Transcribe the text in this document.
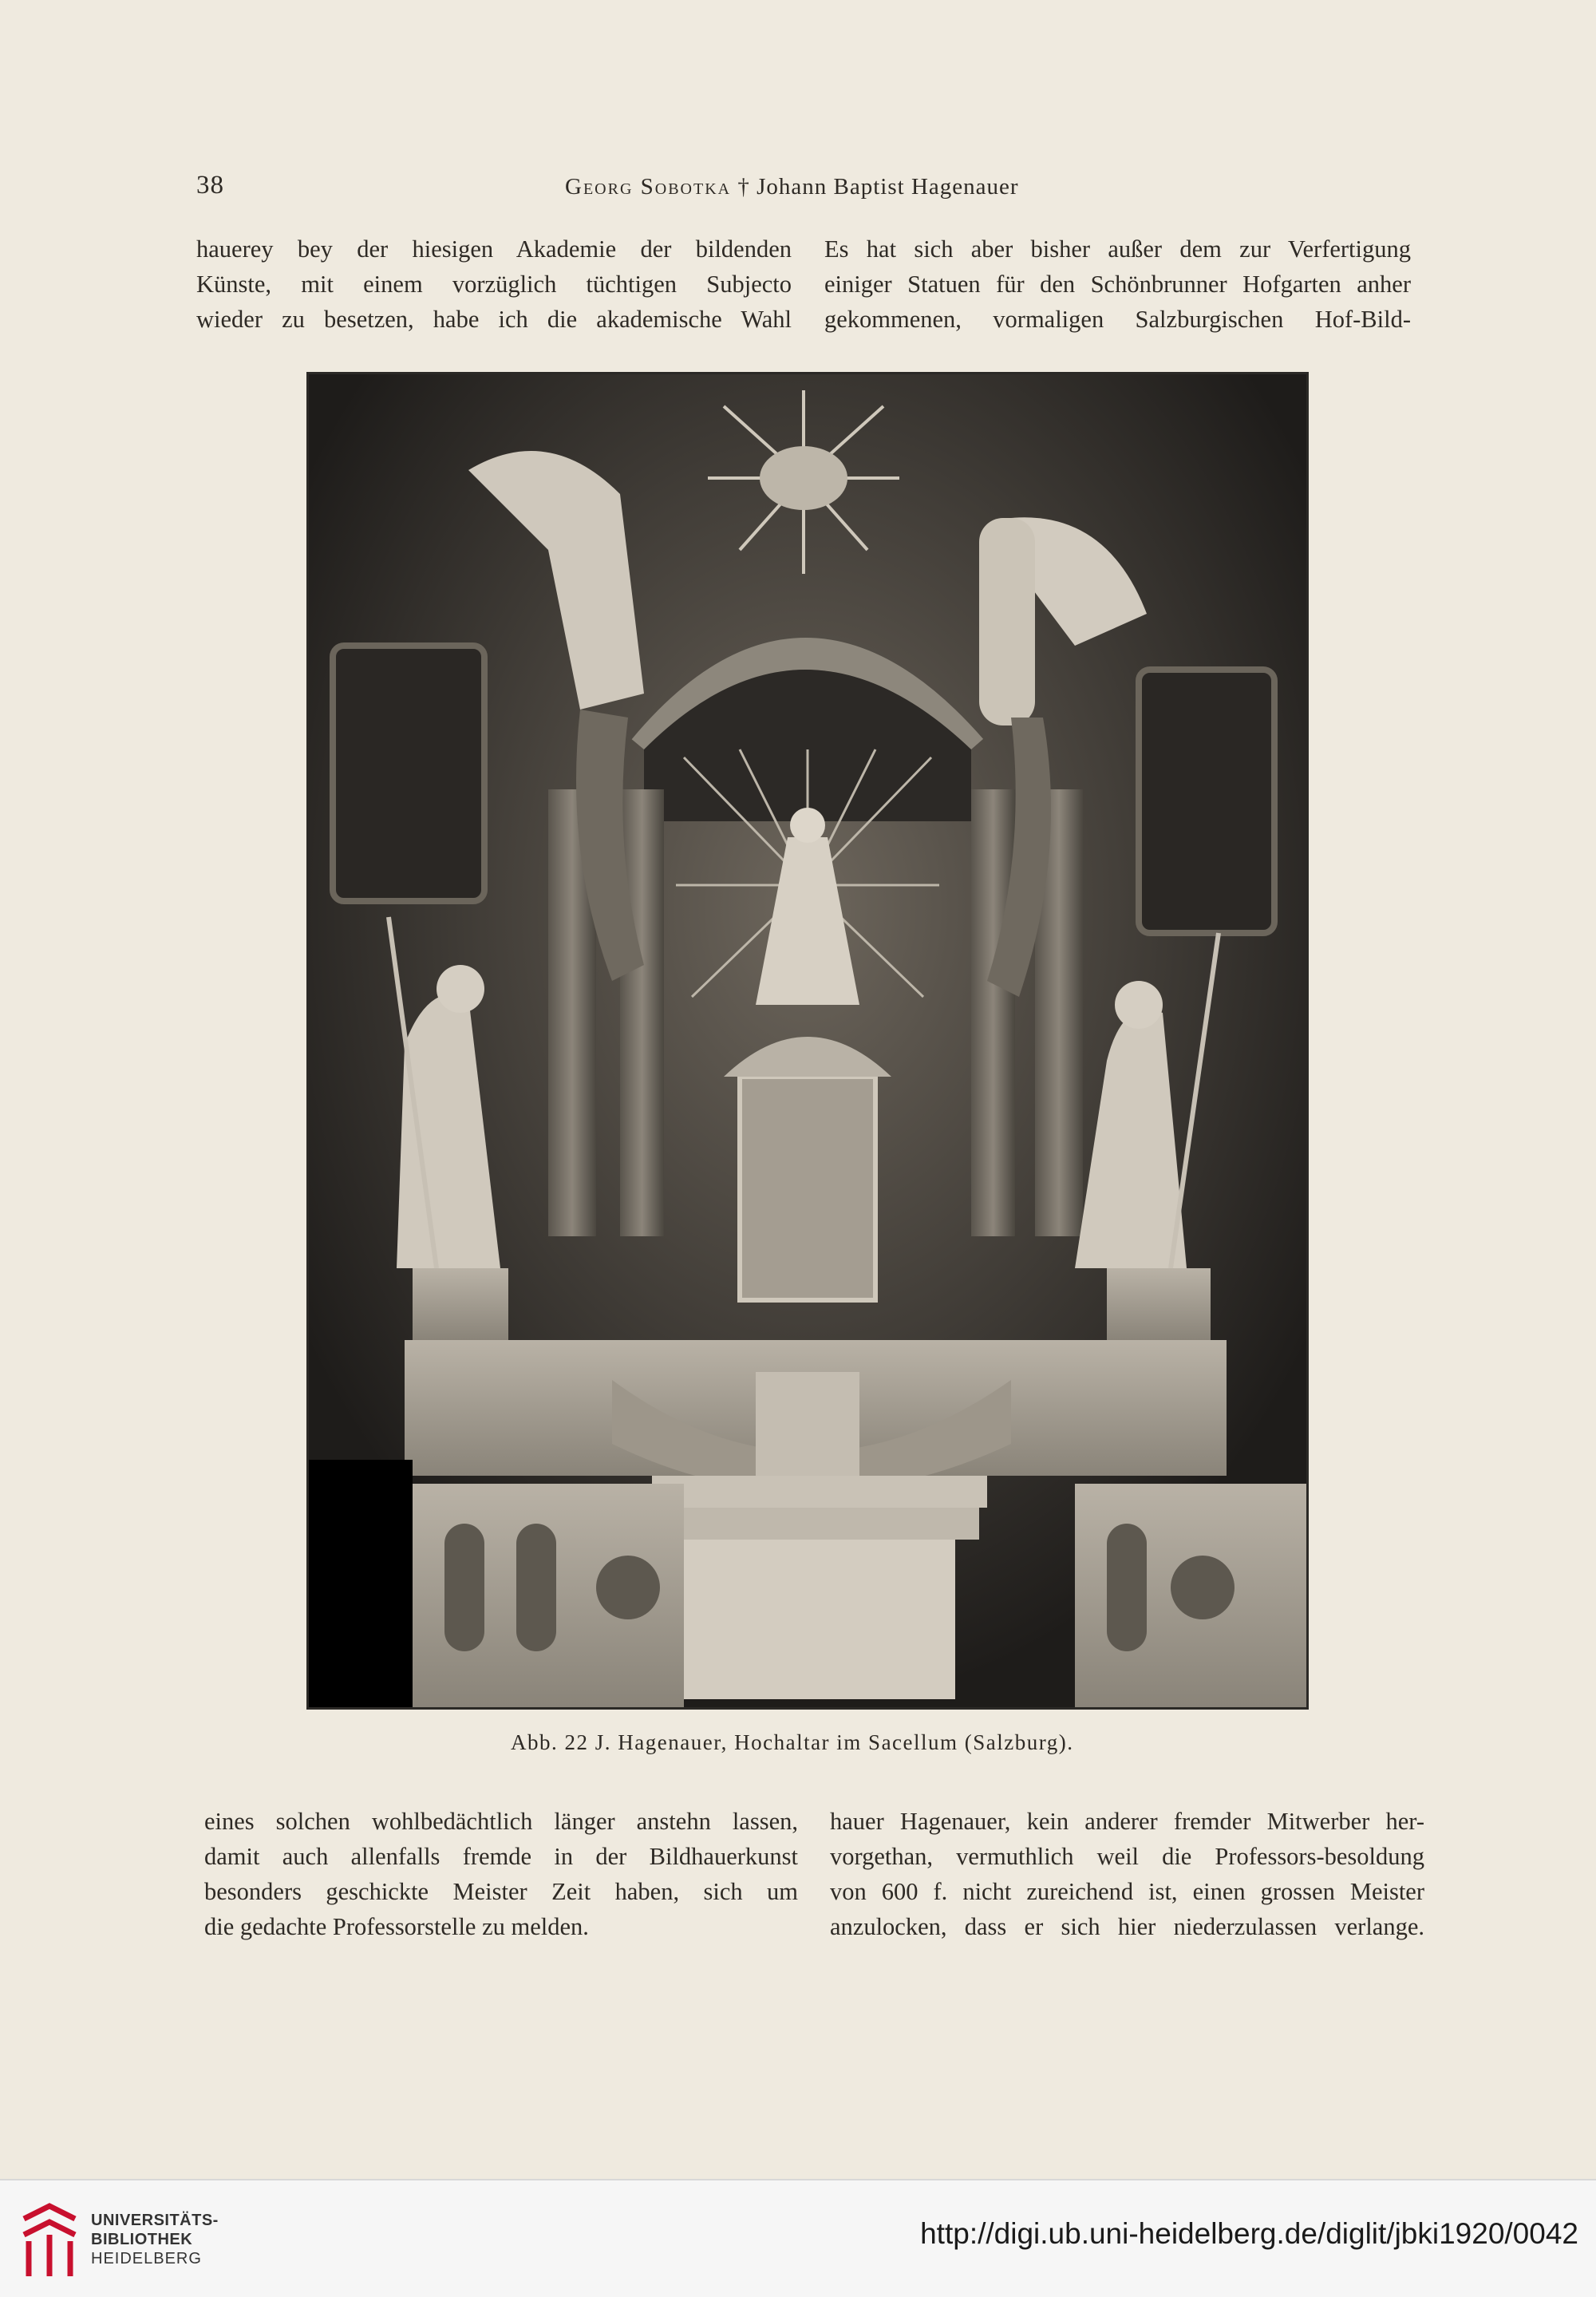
38	Georg Sobotka † Johann Baptist Hagenauer
hauerey bey der hiesigen Akademie der bildenden
Künste, mit einem vorzüglich tüchtigen Subjecto
wieder zu besetzen, habe ich die akademische Wahl
Es hat sich aber bisher außer dem zur Verfertigung
einiger Statuen für den Schönbrunner Hofgarten anher
gekommenen, vormaligen Salzburgischen Hof-Bild-
Abb. 22 J. Hagenauer, Hochaltar im Sacellum (Salzburg).
eines solchen wohlbedächtlich länger anstehn lassen,
damit auch allenfalls fremde in der Bildhauerkunst
besonders geschickte Meister Zeit haben, sich um
die gedachte Professorstelle zu melden.
hauer Hagenauer, kein anderer fremder Mitwerber her-
vorgethan, vermuthlich weil die Professors-besoldung
von 600 f. nicht zureichend ist, einen grossen Meister
anzulocken, dass er sich hier niederzulassen verlange.
UNIVERSITÄTS-
BIBLIOTHEK
HEIDELBERG
http://digi.ub.uni-heidelberg.de/diglit/jbki1920/0042
